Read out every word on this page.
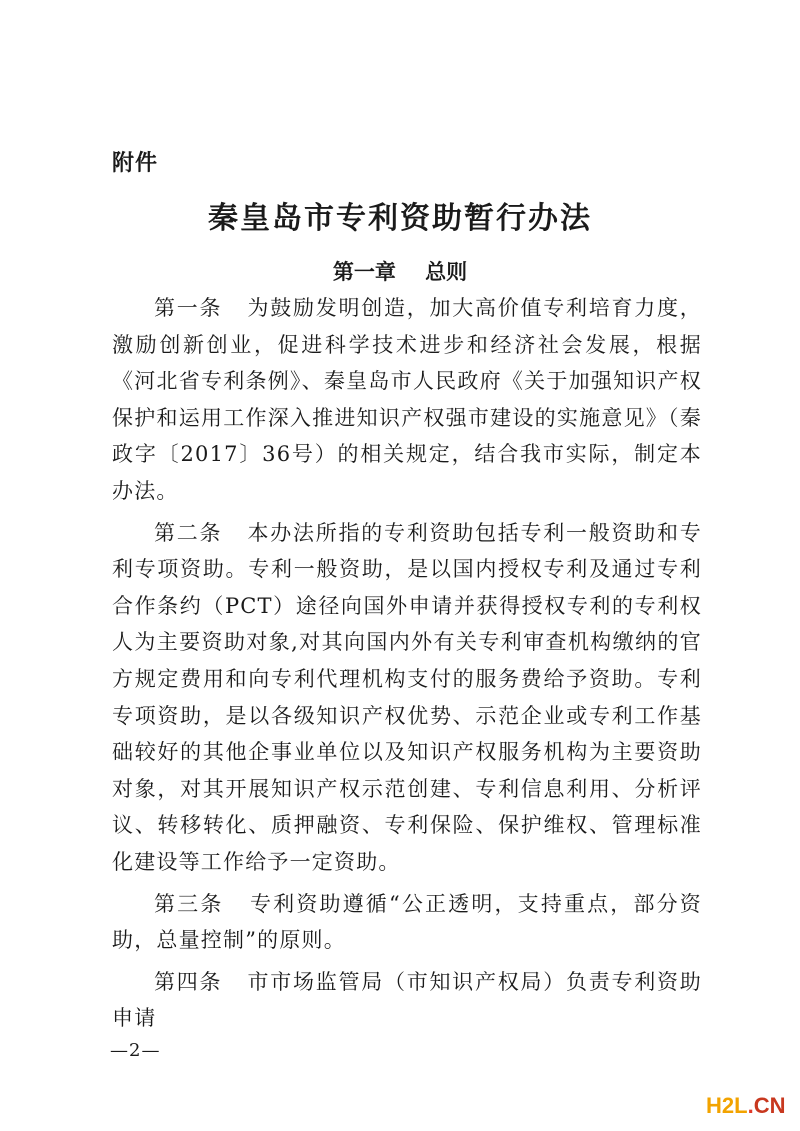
附件
秦皇岛市专利资助暂行办法
第一章    总则

第一条 为鼓励发明创造，加大高价值专利培育力度，激励创新创业，促进科学技术进步和经济社会发展，根据《河北省专利条例》、秦皇岛市人民政府《关于加强知识产权保护和运用工作深入推进知识产权强市建设的实施意见》（秦政字〔2017〕36号）的相关规定，结合我市实际，制定本办法。

第二条 本办法所指的专利资助包括专利一般资助和专利专项资助。专利一般资助，是以国内授权专利及通过专利合作条约（PCT）途径向国外申请并获得授权专利的专利权人为主要资助对象,对其向国内外有关专利审查机构缴纳的官方规定费用和向专利代理机构支付的服务费给予资助。专利专项资助，是以各级知识产权优势、示范企业或专利工作基础较好的其他企事业单位以及知识产权服务机构为主要资助对象，对其开展知识产权示范创建、专利信息利用、分析评议、转移转化、质押融资、专利保险、保护维权、管理标准化建设等工作给予一定资助。

第三条 专利资助遵循“公正透明，支持重点，部分资助，总量控制”的原则。

第四条 市市场监管局（市知识产权局）负责专利资助申请

—2—
H2L.CN
